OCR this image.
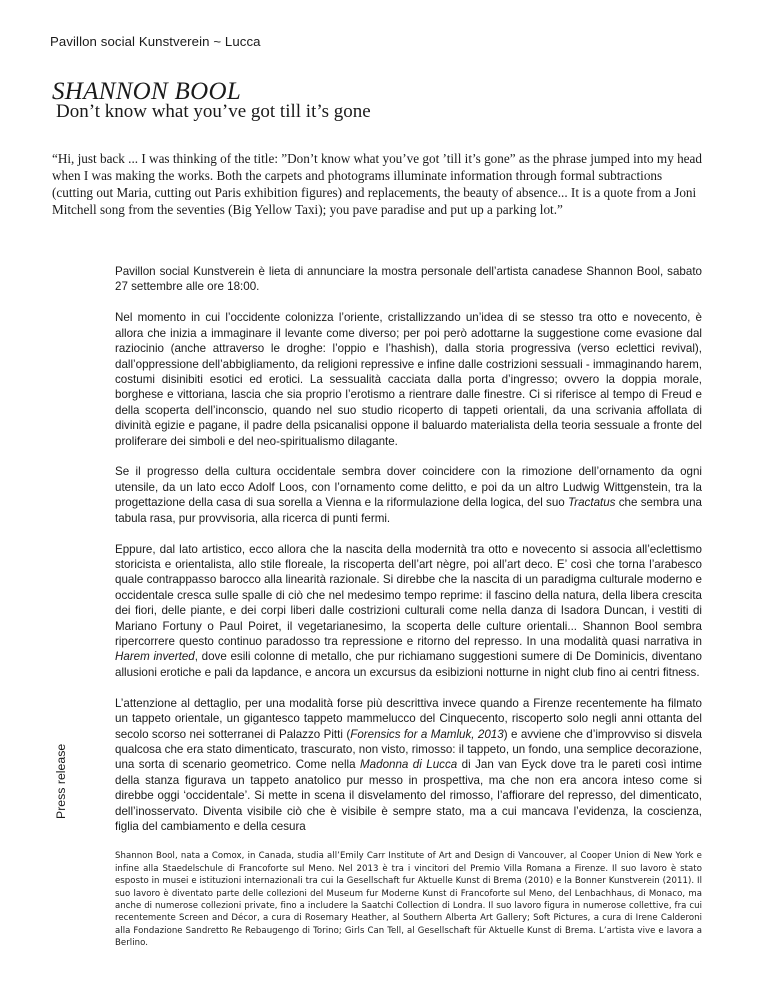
Pavillon social Kunstverein ~ Lucca
SHANNON BOOL
Don’t know what you’ve got till it’s gone
“Hi, just back ... I was thinking of the title: ”Don’t know what you’ve got ’till it’s gone” as the phrase jumped into my head when I was making the works. Both the carpets and photograms illuminate information through formal subtractions (cutting out Maria, cutting out Paris exhibition figures) and replacements, the beauty of absence... It is a quote from a Joni Mitchell song from the seventies (Big Yellow Taxi); you pave paradise and put up a parking lot.”

Pavillon social Kunstverein è lieta di annunciare la mostra personale dell’artista canadese Shannon Bool, sabato 27 settembre alle ore 18:00.

Nel momento in cui l’occidente colonizza l’oriente, cristallizzando un’idea di se stesso tra otto e novecento, è allora che inizia a immaginare il levante come diverso; per poi però adottarne la suggestione come evasione dal raziocinio (anche attraverso le droghe: l’oppio e l’hashish), dalla storia progressiva (verso eclettici revival), dall’oppressione dell’abbigliamento, da religioni repressive e infine dalle costrizioni sessuali - immaginando harem, costumi disinibiti esotici ed erotici. La sessualità cacciata dalla porta d’ingresso; ovvero la doppia morale, borghese e vittoriana, lascia che sia proprio l’erotismo a rientrare dalle finestre. Ci si riferisce al tempo di Freud e della scoperta dell’inconscio, quando nel suo studio ricoperto di tappeti orientali, da una scrivania affollata di divinità egizie e pagane, il padre della psicanalisi oppone il baluardo materialista della teoria sessuale a fronte del proliferare dei simboli e del neo-spiritualismo dilagante.

Se il progresso della cultura occidentale sembra dover coincidere con la rimozione dell’ornamento da ogni utensile, da un lato ecco Adolf Loos, con l’ornamento come delitto, e poi da un altro Ludwig Wittgenstein, tra la progettazione della casa di sua sorella a Vienna e la riformulazione della logica, del suo Tractatus che sembra una tabula rasa, pur provvisoria, alla ricerca di punti fermi.

Eppure, dal lato artistico, ecco allora che la nascita della modernità tra otto e novecento si associa all’eclettismo storicista e orientalista, allo stile floreale, la riscoperta dell’art nègre, poi all’art deco. E’ così che torna l’arabesco quale contrappasso barocco alla linearità razionale. Si direbbe che la nascita di un paradigma culturale moderno e occidentale cresca sulle spalle di ciò che nel medesimo tempo reprime: il fascino della natura, della libera crescita dei fiori, delle piante, e dei corpi liberi dalle costrizioni culturali come nella danza di Isadora Duncan, i vestiti di Mariano Fortuny o Paul Poiret, il vegetarianesimo, la scoperta delle culture orientali... Shannon Bool sembra ripercorrere questo continuo paradosso tra repressione e ritorno del represso. In una modalità quasi narrativa in Harem inverted, dove esili colonne di metallo, che pur richiamano suggestioni sumere di De Dominicis, diventano allusioni erotiche e pali da lapdance, e ancora un excursus da esibizioni notturne in night club fino ai centri fitness.

L’attenzione al dettaglio, per una modalità forse più descrittiva invece quando a Firenze recentemente ha filmato un tappeto orientale, un gigantesco tappeto mammelucco del Cinquecento, riscoperto solo negli anni ottanta del secolo scorso nei sotterranei di Palazzo Pitti (Forensics for a Mamluk, 2013) e avviene che d’improvviso si disvela qualcosa che era stato dimenticato, trascurato, non visto, rimosso: il tappeto, un fondo, una semplice decorazione, una sorta di scenario geometrico. Come nella Madonna di Lucca di Jan van Eyck dove tra le pareti così intime della stanza figurava un tappeto anatolico pur messo in prospettiva, ma che non era ancora inteso come si direbbe oggi ‘occidentale’. Si mette in scena il disvelamento del rimosso, l’affiorare del represso, del dimenticato, dell’inosservato. Diventa visibile ciò che è visibile è sempre stato, ma a cui mancava l’evidenza, la coscienza, figlia del cambiamento e della cesura

Shannon Bool, nata a Comox, in Canada, studia all’Emily Carr Institute of Art and Design di Vancouver, al Cooper Union di New York e infine alla Staedelschule di Francoforte sul Meno. Nel 2013 è tra i vincitori del Premio Villa Romana a Firenze. Il suo lavoro è stato esposto in musei e istituzioni internazionali tra cui la Gesellschaft fur Aktuelle Kunst di Brema (2010) e la Bonner Kunstverein (2011). Il suo lavoro è diventato parte delle collezioni del Museum fur Moderne Kunst di Francoforte sul Meno, del Lenbachhaus, di Monaco, ma anche di numerose collezioni private, fino a includere la Saatchi Collection di Londra. Il suo lavoro figura in numerose collettive, fra cui recentemente Screen and Décor, a cura di Rosemary Heather, al Southern Alberta Art Gallery; Soft Pictures, a cura di Irene Calderoni alla Fondazione Sandretto Re Rebaugengo di Torino; Girls Can Tell, al Gesellschaft für Aktuelle Kunst di Brema. L’artista vive e lavora a Berlino.

Press release
